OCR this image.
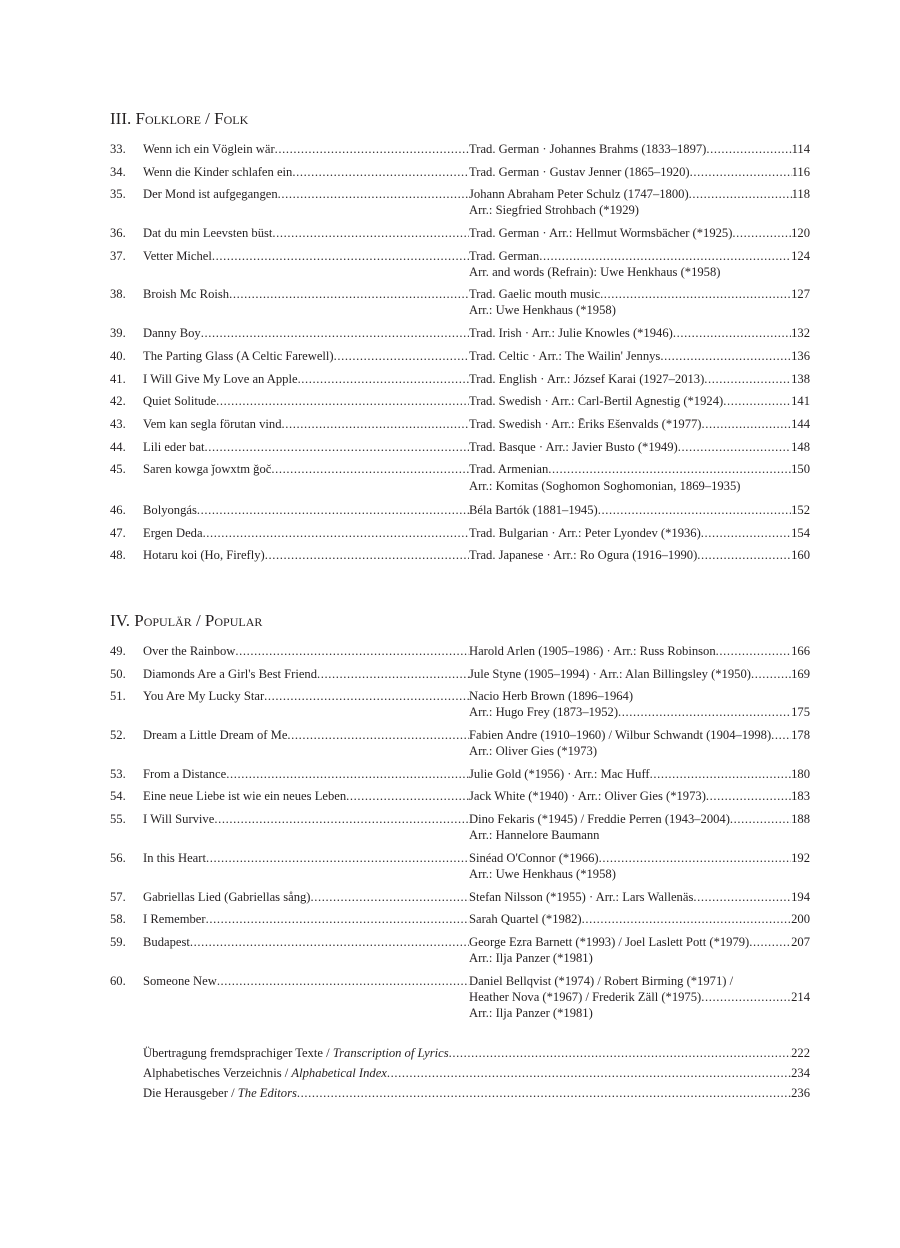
III. Folklore / Folk
33.	Wenn ich ein Vöglein wär .....	Trad. German · Johannes Brahms (1833–1897) .....	114
34.	Wenn die Kinder schlafen ein .....	Trad. German · Gustav Jenner (1865–1920) .....	116
35.	Der Mond ist aufgegangen .....	Johann Abraham Peter Schulz (1747–1800) .....	118
Arr.: Siegfried Strohbach (*1929)
36.	Dat du min Leevsten büst .....	Trad. German · Arr.: Hellmut Wormsbächer (*1925) .....	120
37.	Vetter Michel .....	Trad. German .....	124
Arr. and words (Refrain): Uwe Henkhaus (*1958)
38.	Broish Mc Roish .....	Trad. Gaelic mouth music .....	127
Arr.: Uwe Henkhaus (*1958)
39.	Danny Boy .....	Trad. Irish · Arr.: Julie Knowles (*1946) .....	132
40.	The Parting Glass (A Celtic Farewell) .....	Trad. Celtic · Arr.: The Wailin' Jennys .....	136
41.	I Will Give My Love an Apple .....	Trad. English · Arr.: József Karai (1927–2013) .....	138
42.	Quiet Solitude .....	Trad. Swedish · Arr.: Carl-Bertil Agnestig (*1924) .....	141
43.	Vem kan segla förutan vind .....	Trad. Swedish · Arr.: Ēriks Ešenvalds (*1977) .....	144
44.	Lili eder bat .....	Trad. Basque · Arr.: Javier Busto (*1949) .....	148
45.	Saren kowga ǰowxtm ǧoč .....	Trad. Armenian .....	150
Arr.: Komitas (Soghomon Soghomonian, 1869–1935)
46.	Bolyongás .....	Béla Bartók (1881–1945) .....	152
47.	Ergen Deda .....	Trad. Bulgarian · Arr.: Peter Lyondev (*1936) .....	154
48.	Hotaru koi (Ho, Firefly) .....	Trad. Japanese · Arr.: Ro Ogura (1916–1990) .....	160
IV. Populär / Popular
49.	Over the Rainbow .....	Harold Arlen (1905–1986) · Arr.: Russ Robinson .....	166
50.	Diamonds Are a Girl's Best Friend .....	Jule Styne (1905–1994) · Arr.: Alan Billingsley (*1950) .....	169
51.	You Are My Lucky Star .....	Nacio Herb Brown (1896–1964)
Arr.: Hugo Frey (1873–1952) .....	175
52.	Dream a Little Dream of Me .....	Fabien Andre (1910–1960) / Wilbur Schwandt (1904–1998) ..... 178
Arr.: Oliver Gies (*1973)
53.	From a Distance .....	Julie Gold (*1956) · Arr.: Mac Huff .....	180
54.	Eine neue Liebe ist wie ein neues Leben .....	Jack White (*1940) · Arr.: Oliver Gies (*1973) .....	183
55.	I Will Survive .....	Dino Fekaris (*1945) / Freddie Perren (1943–2004) .....	188
Arr.: Hannelore Baumann
56.	In this Heart .....	Sinéad O'Connor (*1966) .....	192
Arr.: Uwe Henkhaus (*1958)
57.	Gabriellas Lied (Gabriellas sång) .....	Stefan Nilsson (*1955) · Arr.: Lars Wallenäs .....	194
58.	I Remember .....	Sarah Quartel (*1982) .....	200
59.	Budapest .....	George Ezra Barnett (*1993) / Joel Laslett Pott (*1979) .....	207
Arr.: Ilja Panzer (*1981)
60.	Someone New .....	Daniel Bellqvist (*1974) / Robert Birming (*1971) /
Heather Nova (*1967) / Frederik Zäll (*1975) .....	214
Arr.: Ilja Panzer (*1981)
Übertragung fremdsprachiger Texte / Transcription of Lyrics .....	222
Alphabetisches Verzeichnis / Alphabetical Index .....	234
Die Herausgeber / The Editors .....	236
